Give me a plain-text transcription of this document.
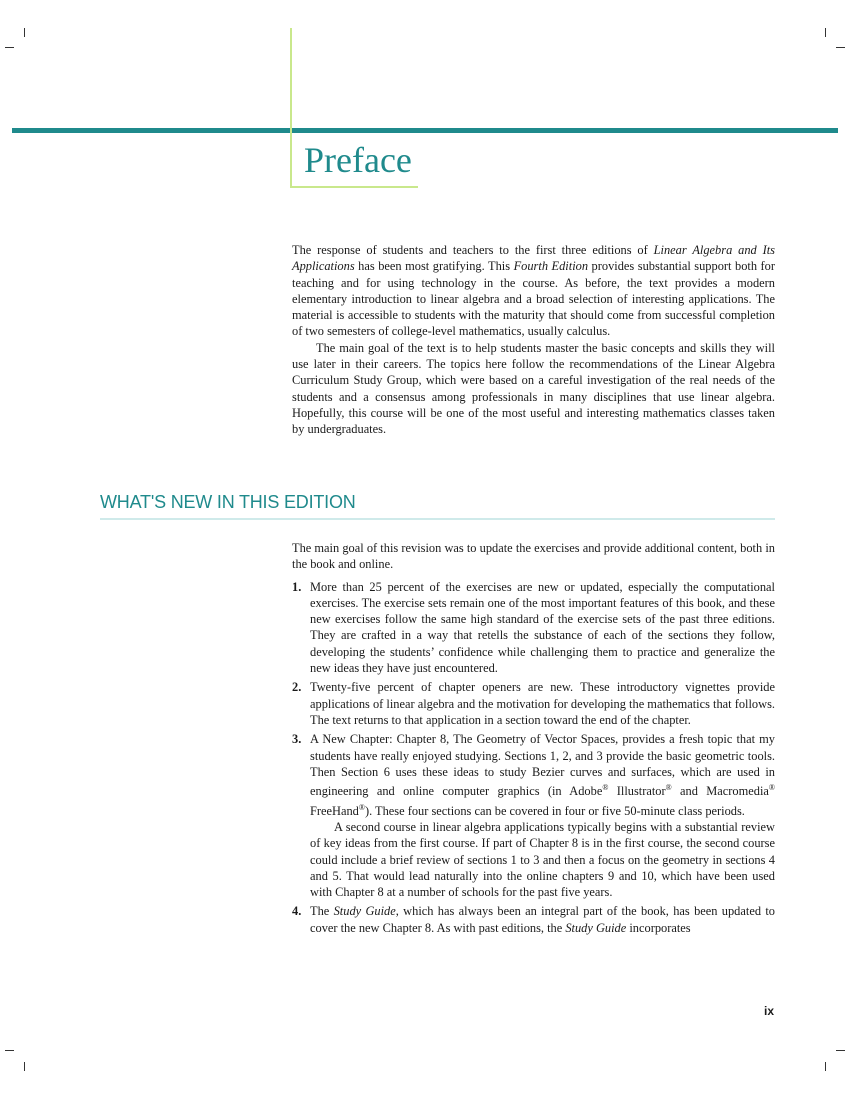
Preface

The response of students and teachers to the first three editions of Linear Algebra and Its Applications has been most gratifying. This Fourth Edition provides substantial support both for teaching and for using technology in the course. As before, the text provides a modern elementary introduction to linear algebra and a broad selection of interesting applications. The material is accessible to students with the maturity that should come from successful completion of two semesters of college-level mathematics, usually calculus.

The main goal of the text is to help students master the basic concepts and skills they will use later in their careers. The topics here follow the recommendations of the Linear Algebra Curriculum Study Group, which were based on a careful investigation of the real needs of the students and a consensus among professionals in many disciplines that use linear algebra. Hopefully, this course will be one of the most useful and interesting mathematics classes taken by undergraduates.

WHAT'S NEW IN THIS EDITION

The main goal of this revision was to update the exercises and provide additional content, both in the book and online.

1. More than 25 percent of the exercises are new or updated, especially the computational exercises. The exercise sets remain one of the most important features of this book, and these new exercises follow the same high standard of the exercise sets of the past three editions. They are crafted in a way that retells the substance of each of the sections they follow, developing the students’ confidence while challenging them to practice and generalize the new ideas they have just encountered.

2. Twenty-five percent of chapter openers are new. These introductory vignettes provide applications of linear algebra and the motivation for developing the mathematics that follows. The text returns to that application in a section toward the end of the chapter.

3. A New Chapter: Chapter 8, The Geometry of Vector Spaces, provides a fresh topic that my students have really enjoyed studying. Sections 1, 2, and 3 provide the basic geometric tools. Then Section 6 uses these ideas to study Bezier curves and surfaces, which are used in engineering and online computer graphics (in Adobe® Illustrator® and Macromedia® FreeHand®). These four sections can be covered in four or five 50-minute class periods.

A second course in linear algebra applications typically begins with a substantial review of key ideas from the first course. If part of Chapter 8 is in the first course, the second course could include a brief review of sections 1 to 3 and then a focus on the geometry in sections 4 and 5. That would lead naturally into the online chapters 9 and 10, which have been used with Chapter 8 at a number of schools for the past five years.

4. The Study Guide, which has always been an integral part of the book, has been updated to cover the new Chapter 8. As with past editions, the Study Guide incorporates

ix
